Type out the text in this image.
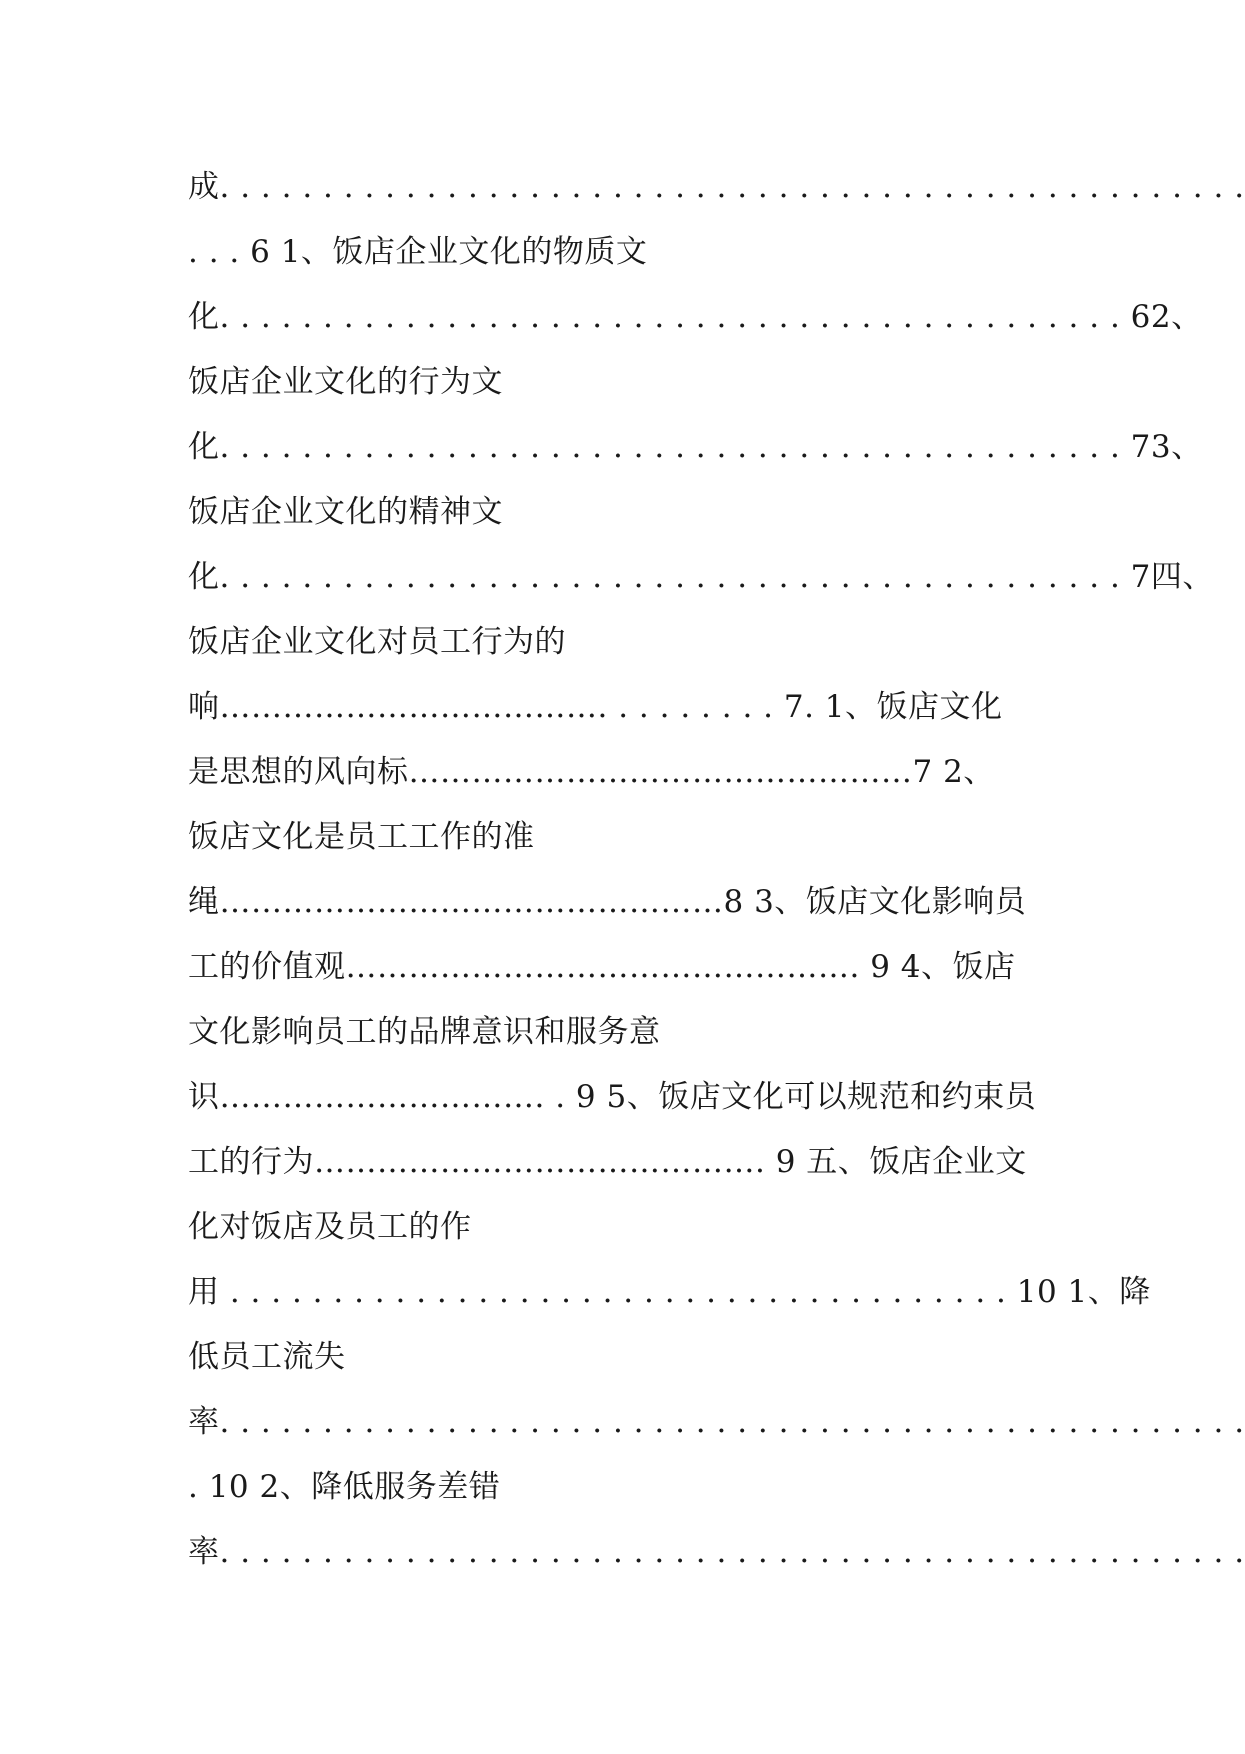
成. . . . . . . . . . . . . . . . . . . . . . . . . . . . . . . . . . . . . . . . . . . . . . . . . .
. . . 6 1、饭店企业文化的物质文
化. . . . . . . . . . . . . . . . . . . . . . . . . . . . . . . . . . . . . . . . . . . . 62、
饭店企业文化的行为文
化. . . . . . . . . . . . . . . . . . . . . . . . . . . . . . . . . . . . . . . . . . . . 73、
饭店企业文化的精神文
化. . . . . . . . . . . . . . . . . . . . . . . . . . . . . . . . . . . . . . . . . . . . 7四、
饭店企业文化对员工行为的
响………………………………. . . . . . . . . 7. 1、饭店文化
是思想的风向标…………………………………………7 2、
饭店文化是员工工作的准
绳…………………………………………8 3、饭店文化影响员
工的价值观…………………………………………. 9 4、饭店
文化影响员工的品牌意识和服务意
识…………………………. . 9 5、饭店文化可以规范和约束员
工的行为……………………………………. 9 五、饭店企业文
化对饭店及员工的作
用 . . . . . . . . . . . . . . . . . . . . . . . . . . . . . . . . . . . . . . 10 1、降
低员工流失
率. . . . . . . . . . . . . . . . . . . . . . . . . . . . . . . . . . . . . . . . . . . . . . . . . .
. 10 2、降低服务差错
率. . . . . . . . . . . . . . . . . . . . . . . . . . . . . . . . . . . . . . . . . . . . . . . . . .
